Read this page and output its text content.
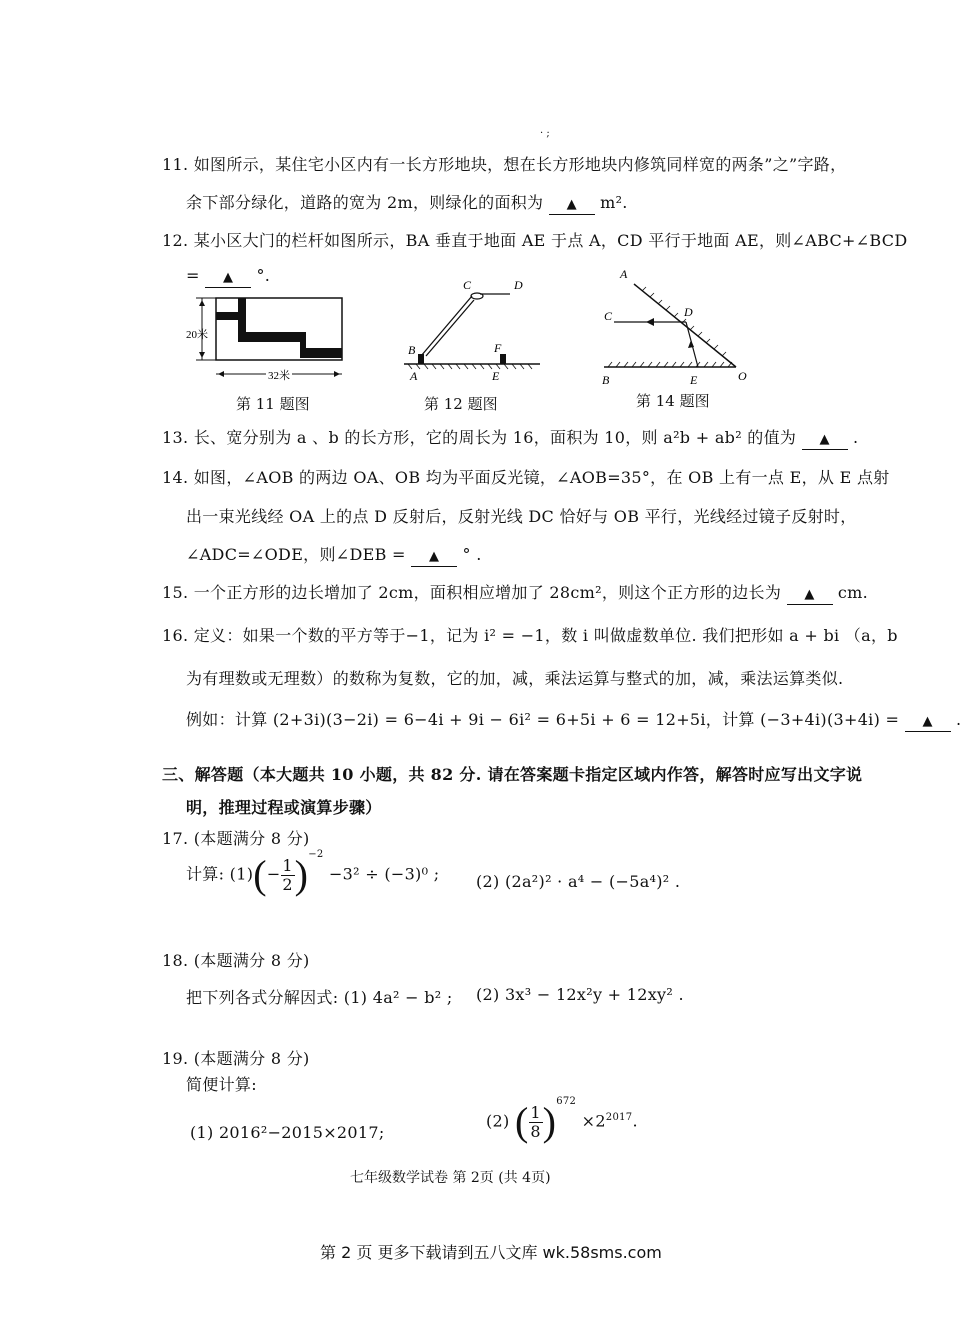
· ;
11. 如图所示，某住宅小区内有一长方形地块，想在长方形地块内修筑同样宽的两条”之”字路，
余下部分绿化，道路的宽为 2m，则绿化的面积为 ▲ m².
12. 某小区大门的栏杆如图所示，BA 垂直于地面 AE 于点 A，CD 平行于地面 AE，则∠ABC+∠BCD
= ▲ °.
20米
32米
C	D
B	F
A	E
A
C	D
B	E	O
第 11 题图	第 12 题图	第 14 题图
13. 长、宽分别为 a 、b 的长方形，它的周长为 16，面积为 10，则 a²b + ab² 的值为 ▲ .
14. 如图，∠AOB 的两边 OA、OB 均为平面反光镜，∠AOB=35°，在 OB 上有一点 E，从 E 点射
出一束光线经 OA 上的点 D 反射后，反射光线 DC 恰好与 OB 平行，光线经过镜子反射时，
∠ADC=∠ODE，则∠DEB = ▲ ° .
15. 一个正方形的边长增加了 2cm，面积相应增加了 28cm²，则这个正方形的边长为 ▲ cm.
16. 定义：如果一个数的平方等于−1，记为 i² = −1，数 i 叫做虚数单位. 我们把形如 a + bi （a，b
为有理数或无理数）的数称为复数，它的加，减，乘法运算与整式的加，减，乘法运算类似.
例如：计算 (2+3i)(3−2i) = 6−4i + 9i − 6i² = 6+5i + 6 = 12+5i，计算 (−3+4i)(3+4i) = ▲ .
三、解答题（本大题共 10 小题，共 82 分. 请在答案题卡指定区域内作答，解答时应写出文字说
明，推理过程或演算步骤）
17. (本题满分 8 分)
计算: $(1)(- \frac{1}{2} )^{-2} -3^2 \div (-3)^0$ ; (2) (2a²)² · a⁴ − (−5a⁴)² .
18. (本题满分 8 分)
把下列各式分解因式: (1) 4a² − b² ; (2) 3x³ − 12x²y + 12xy² .
19. (本题满分 8 分)
简便计算:
(1) 2016²−2015×2017;
(2) ( $\frac{1}{8} )^{672} \times 2^{2017}$.
七年级数学试卷 第 2页 (共 4页)
第 2 页 更多下载请到五八文库 wk.58sms.com
